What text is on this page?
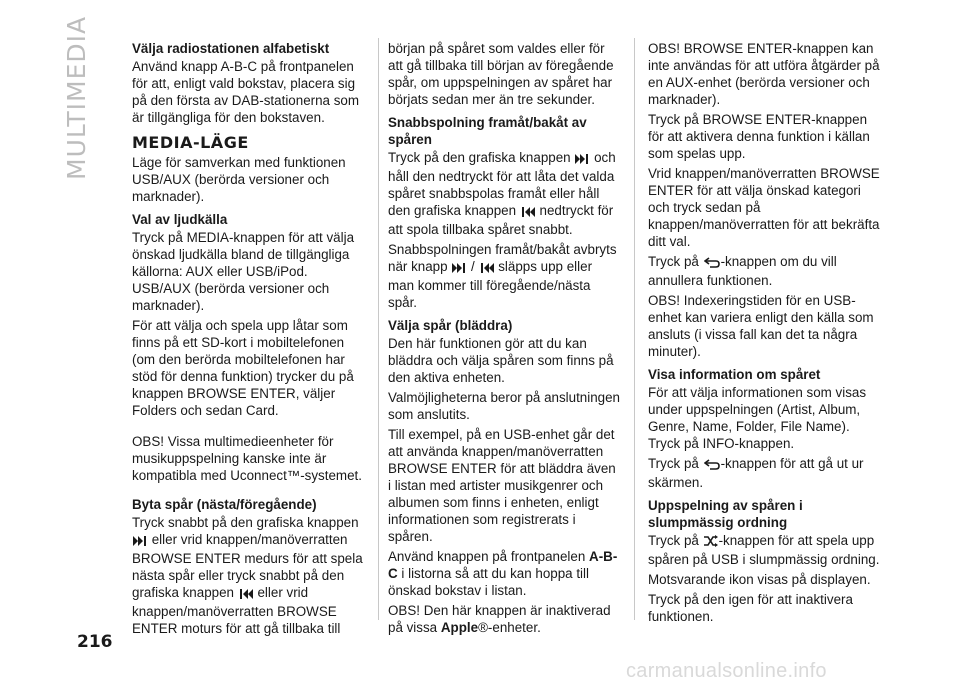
MULTIMEDIA	Välja radiostationen alfabetiskt

Använd knapp A-B-C på frontpanelen för att, enligt vald bokstav, placera sig på den första av DAB-stationerna som är tillgängliga för den bokstaven.

MEDIA-LÄGE

Läge för samverkan med funktionen USB/AUX (berörda versioner och marknader).

Val av ljudkälla

Tryck på MEDIA-knappen för att välja önskad ljudkälla bland de tillgängliga källorna: AUX eller USB/iPod. USB/AUX (berörda versioner och marknader).

För att välja och spela upp låtar som finns på ett SD-kort i mobiltelefonen (om den berörda mobiltelefonen har stöd för denna funktion) trycker du på knappen BROWSE ENTER, väljer Folders och sedan Card.

OBS! Vissa multimedieenheter för musikuppspelning kanske inte är kompatibla med Uconnect™-systemet.

Byta spår (nästa/föregående)

Tryck snabbt på den grafiska knappen
eller vrid knappen/manöverratten BROWSE ENTER medurs för att spela nästa spår eller tryck snabbt på den grafiska knappen eller vrid knappen/manöverratten BROWSE ENTER moturs för att gå tillbaka till

början på spåret som valdes eller för att gå tillbaka till början av föregående spår, om uppspelningen av spåret har börjats sedan mer än tre sekunder.

Snabbspolning framåt/bakåt av spåren

Tryck på den grafiska knappen och håll den nedtryckt för att låta det valda spåret snabbspolas framåt eller håll den grafiska knappen nedtryckt för att spola tillbaka spåret snabbt.

Snabbspolningen framåt/bakåt avbryts när knapp / släpps upp eller man kommer till föregående/nästa spår.

Välja spår (bläddra)

Den här funktionen gör att du kan bläddra och välja spåren som finns på den aktiva enheten.

Valmöjligheterna beror på anslutningen som anslutits.

Till exempel, på en USB-enhet går det att använda knappen/manöverratten BROWSE ENTER för att bläddra även i listan med artister musikgenrer och albumen som finns i enheten, enligt informationen som registrerats i spåren.

Använd knappen på frontpanelen A-B-C i listorna så att du kan hoppa till önskad bokstav i listan.

OBS! Den här knappen är inaktiverad på vissa Apple®-enheter.

OBS! BROWSE ENTER-knappen kan inte användas för att utföra åtgärder på en AUX-enhet (berörda versioner och marknader).

Tryck på BROWSE ENTER-knappen för att aktivera denna funktion i källan som spelas upp.

Vrid knappen/manöverratten BROWSE ENTER för att välja önskad kategori och tryck sedan på knappen/manöverratten för att bekräfta ditt val.

Tryck på -knappen om du vill annullera funktionen.

OBS! Indexeringstiden för en USB-enhet kan variera enligt den källa som ansluts (i vissa fall kan det ta några minuter).

Visa information om spåret

För att välja informationen som visas under uppspelningen (Artist, Album, Genre, Name, Folder, File Name). Tryck på INFO-knappen.

Tryck på -knappen för att gå ut ur skärmen.

Uppspelning av spåren i slumpmässig ordning

Tryck på -knappen för att spela upp spåren på USB i slumpmässig ordning.

Motsvarande ikon visas på displayen.

Tryck på den igen för att inaktivera funktionen.

216
carmanualsonline.info
